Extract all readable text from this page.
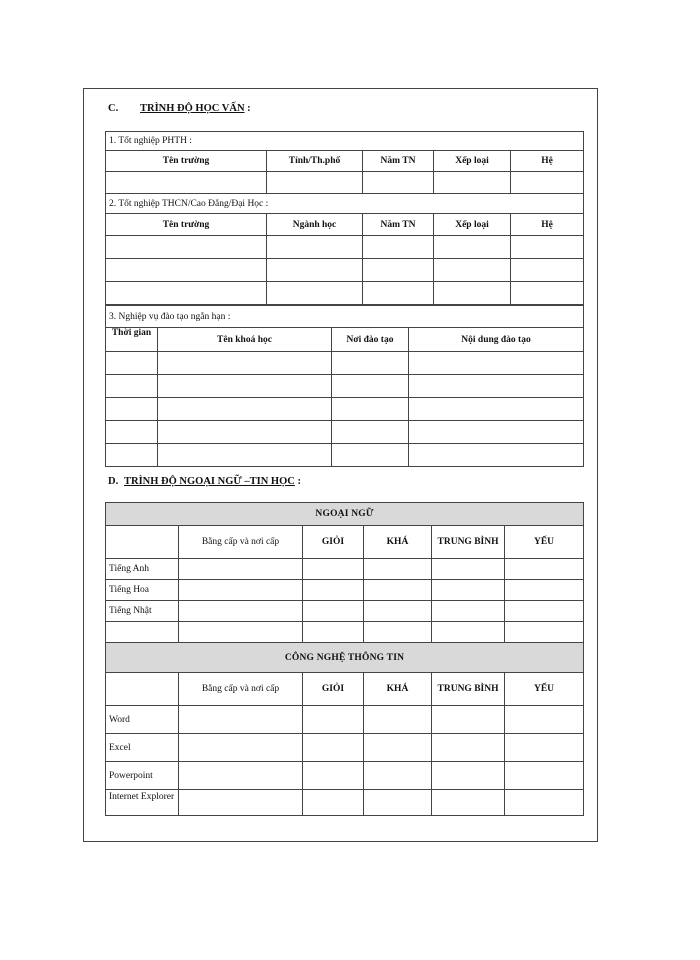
C. TRÌNH ĐỘ HỌC VẤN :
1. Tốt nghiệp PHTH :				
Tên trường	Tỉnh/Th.phố	Năm TN	Xếp loại	Hệ

2. Tốt nghiệp THCN/Cao Đẳng/Đại Học :				
Tên trường	Ngành học	Năm TN	Xếp loại	Hệ

3. Nghiệp vụ đào tạo ngắn hạn :			
Thời gian	Tên khoá học	Nơi đào tạo	Nội dung đào tạo

D. TRÌNH ĐỘ NGOẠI NGỮ –TIN HỌC :
NGOẠI NGỮ					
	Bằng cấp và nơi cấp	GIỎI	KHÁ	TRUNG BÌNH	YẾU
Tiếng Anh					
Tiếng Hoa					
Tiếng Nhật					

CÔNG NGHỆ THÔNG TIN					
	Bằng cấp và nơi cấp	GIỎI	KHÁ	TRUNG BÌNH	YẾU
Word					
Excel					
Powerpoint					
Internet Explorer					
